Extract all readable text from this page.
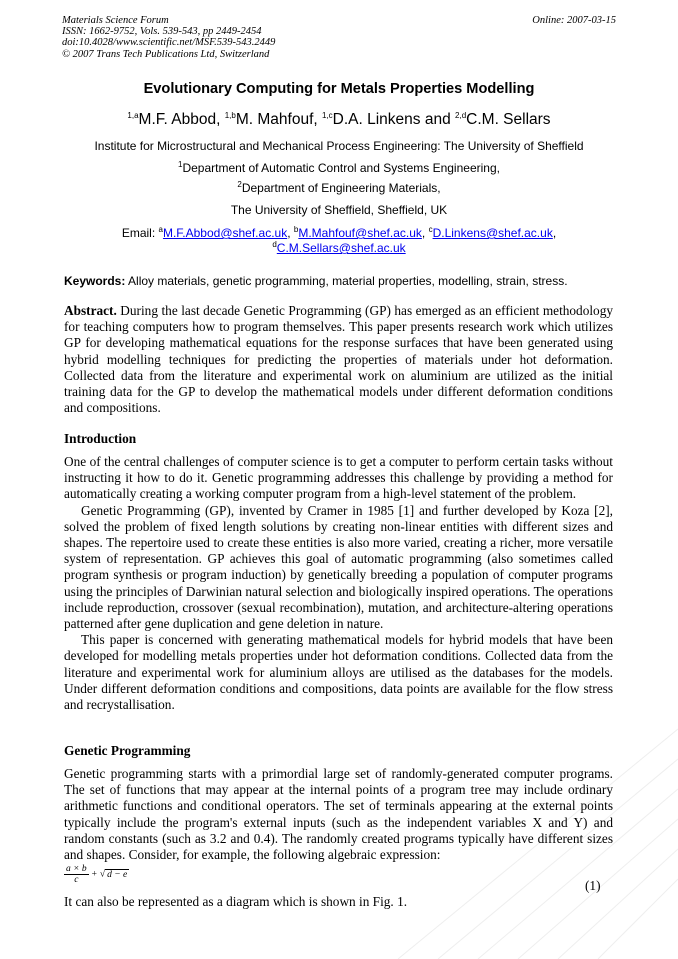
Materials Science Forum
ISSN: 1662-9752, Vols. 539-543, pp 2449-2454
doi:10.4028/www.scientific.net/MSF.539-543.2449
© 2007 Trans Tech Publications Ltd, Switzerland
Online: 2007-03-15
Evolutionary Computing for Metals Properties Modelling
$^{1,a}$M.F. Abbod, $^{1,b}$M. Mahfouf, $^{1,c}$D.A. Linkens and $^{2,d}$C.M. Sellars
Institute for Microstructural and Mechanical Process Engineering: The University of Sheffield
$^1$Department of Automatic Control and Systems Engineering,
$^2$Department of Engineering Materials,
The University of Sheffield, Sheffield, UK
Email: $^a$M.F.Abbod@shef.ac.uk, $^b$M.Mahfouf@shef.ac.uk, $^c$D.Linkens@shef.ac.uk,
$^d$C.M.Sellars@shef.ac.uk
Keywords: Alloy materials, genetic programming, material properties, modelling, strain, stress.

Abstract. During the last decade Genetic Programming (GP) has emerged as an efficient methodology for teaching computers how to program themselves. This paper presents research work which utilizes GP for developing mathematical equations for the response surfaces that have been generated using hybrid modelling techniques for predicting the properties of materials under hot deformation. Collected data from the literature and experimental work on aluminium are utilized as the initial training data for the GP to develop the mathematical models under different deformation conditions and compositions.

Introduction

One of the central challenges of computer science is to get a computer to perform certain tasks without instructing it how to do it. Genetic programming addresses this challenge by providing a method for automatically creating a working computer program from a high-level statement of the problem.

Genetic Programming (GP), invented by Cramer in 1985 [1] and further developed by Koza [2], solved the problem of fixed length solutions by creating non-linear entities with different sizes and shapes. The repertoire used to create these entities is also more varied, creating a richer, more versatile system of representation. GP achieves this goal of automatic programming (also sometimes called program synthesis or program induction) by genetically breeding a population of computer programs using the principles of Darwinian natural selection and biologically inspired operations. The operations include reproduction, crossover (sexual recombination), mutation, and architecture-altering operations patterned after gene duplication and gene deletion in nature.

This paper is concerned with generating mathematical models for hybrid models that have been developed for modelling metals properties under hot deformation conditions. Collected data from the literature and experimental work for aluminium alloys are utilised as the databases for the models. Under different deformation conditions and compositions, data points are available for the flow stress and recrystallisation.

Genetic Programming

Genetic programming starts with a primordial large set of randomly-generated computer programs. The set of functions that may appear at the internal points of a program tree may include ordinary arithmetic functions and conditional operators. The set of terminals appearing at the external points typically include the program's external inputs (such as the independent variables X and Y) and random constants (such as 3.2 and 0.4). The randomly created programs typically have different sizes and shapes. Consider, for example, the following algebraic expression:

$\frac{a \times b}{c}$ + √ d − e
(1)

It can also be represented as a diagram which is shown in Fig. 1.
